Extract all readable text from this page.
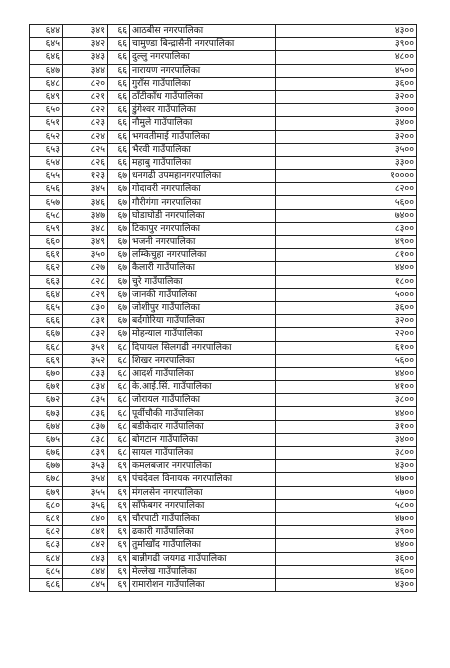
६४४	३४१	६६	आठबीस नगरपालिका	४३००
६४५	३४२	६६	चामुण्डा बिन्द्रासैनी नगरपालिका	३९००
६४६	३४३	६६	दुल्लु नगरपालिका	४८००
६४७	३४४	६६	नारायण नगरपालिका	४५००
६४८	८२०	६६	गुराँस गाउँपालिका	३६००
६४९	८२१	६६	ठाँटीकाँध गाउँपालिका	३२००
६५०	८२२	६६	डुंगेश्वर गाउँपालिका	३०००
६५१	८२३	६६	नौमुले गाउँपालिका	३४००
६५२	८२४	६६	भगवतीमाई गाउँपालिका	३२००
६५३	८२५	६६	भैरवी गाउँपालिका	३५००
६५४	८२६	६६	महाबु गाउँपालिका	३३००
६५५	१२३	६७	धनगढी उपमहानगरपालिका	१००००
६५६	३४५	६७	गोदावरी नगरपालिका	८२००
६५७	३४६	६७	गौरीगंगा नगरपालिका	५६००
६५८	३४७	६७	घोडाघोडी नगरपालिका	७४००
६५९	३४८	६७	टिकापुर नगरपालिका	८३००
६६०	३४९	६७	भजनी नगरपालिका	४९००
६६१	३५०	६७	लम्किचुहा नगरपालिका	८१००
६६२	८२७	६७	कैलारी गाउँपालिका	४४००
६६३	८२८	६७	चुरे गाउँपालिका	१८००
६६४	८२९	६७	जानकी गाउँपालिका	५०००
६६५	८३०	६७	जोशीपुर गाउँपालिका	३६००
६६६	८३१	६७	बर्दगोरिया गाउँपालिका	३२००
६६७	८३२	६७	मोहन्याल गाउँपालिका	२२००
६६८	३५१	६८	दिपायल सिलगढी नगरपालिका	६१००
६६९	३५२	६८	शिखर नगरपालिका	५६००
६७०	८३३	६८	आदर्श गाउँपालिका	४४००
६७१	८३४	६८	के.आई.सिं. गाउँपालिका	४१००
६७२	८३५	६८	जोरायल गाउँपालिका	३८००
६७३	८३६	६८	पूर्वीचौकी गाउँपालिका	४४००
६७४	८३७	६८	बडीकेदार गाउँपालिका	३१००
६७५	८३८	६८	बोगटान गाउँपालिका	३४००
६७६	८३९	६८	सायल गाउँपालिका	३८००
६७७	३५३	६९	कमलबजार नगरपालिका	४३००
६७८	३५४	६९	पंचदेवल विनायक नगरपालिका	४७००
६७९	३५५	६९	मंगलसेन नगरपालिका	५७००
६८०	३५६	६९	साँफेबगर नगरपालिका	५८००
६८१	८४०	६९	चौरपाटी गाउँपालिका	४७००
६८२	८४१	६९	ढकारी गाउँपालिका	३९००
६८३	८४२	६९	तुर्माखाँद गाउँपालिका	४४००
६८४	८४३	६९	बान्नीगढी जयगढ गाउँपालिका	३६००
६८५	८४४	६९	मेल्लेख गाउँपालिका	४६००
६८६	८४५	६९	रामारोशन गाउँपालिका	४३००
